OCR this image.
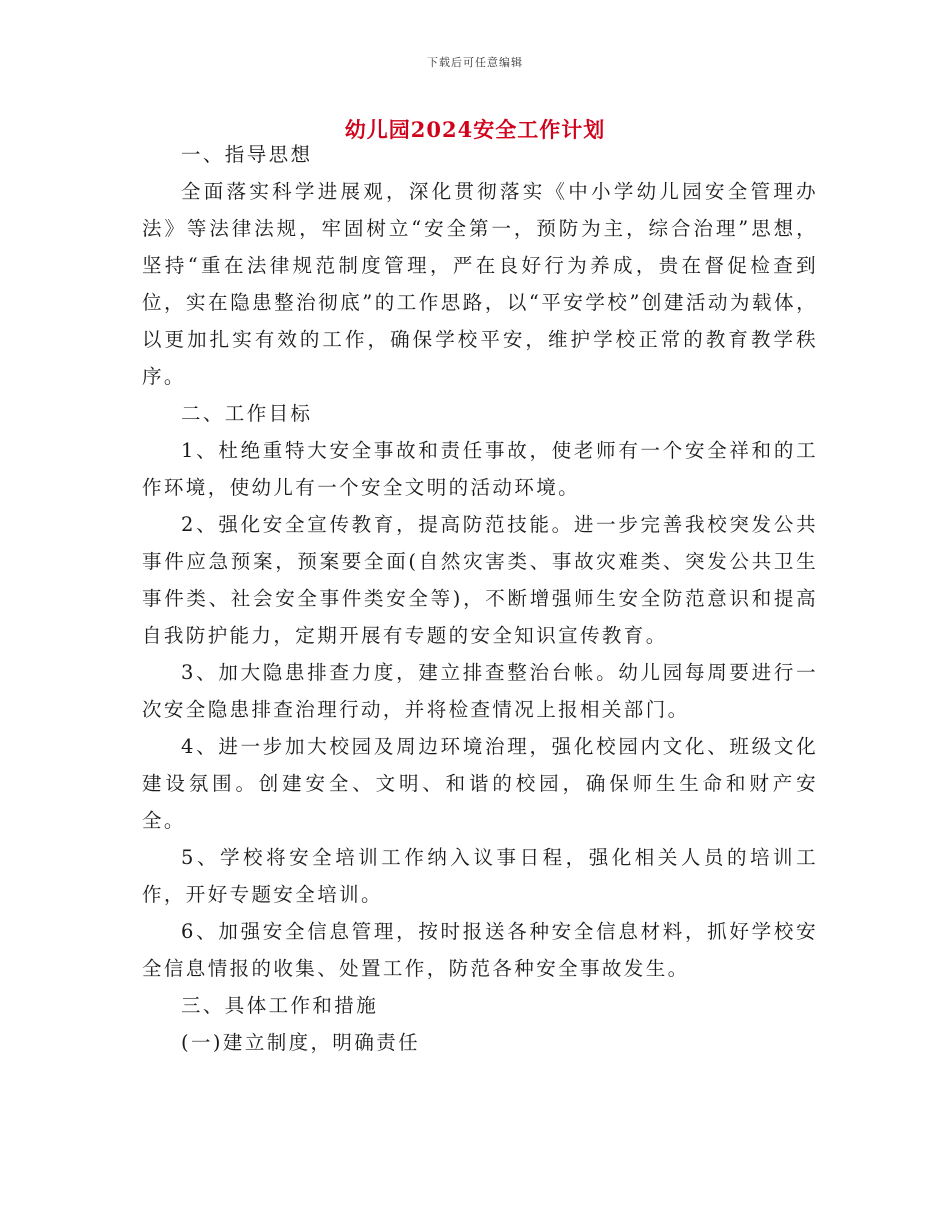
下载后可任意编辑
幼儿园2024安全工作计划

一、指导思想

全面落实科学进展观，深化贯彻落实《中小学幼儿园安全管理办法》等法律法规，牢固树立“安全第一，预防为主，综合治理”思想，坚持“重在法律规范制度管理，严在良好行为养成，贵在督促检查到位，实在隐患整治彻底”的工作思路，以“平安学校”创建活动为载体，以更加扎实有效的工作，确保学校平安，维护学校正常的教育教学秩序。

二、工作目标

1、杜绝重特大安全事故和责任事故，使老师有一个安全祥和的工作环境，使幼儿有一个安全文明的活动环境。

2、强化安全宣传教育，提高防范技能。进一步完善我校突发公共事件应急预案，预案要全面(自然灾害类、事故灾难类、突发公共卫生事件类、社会安全事件类安全等)，不断增强师生安全防范意识和提高自我防护能力，定期开展有专题的安全知识宣传教育。

3、加大隐患排查力度，建立排查整治台帐。幼儿园每周要进行一次安全隐患排查治理行动，并将检查情况上报相关部门。

4、进一步加大校园及周边环境治理，强化校园内文化、班级文化建设氛围。创建安全、文明、和谐的校园，确保师生生命和财产安全。

5、学校将安全培训工作纳入议事日程，强化相关人员的培训工作，开好专题安全培训。

6、加强安全信息管理，按时报送各种安全信息材料，抓好学校安全信息情报的收集、处置工作，防范各种安全事故发生。

三、具体工作和措施

(一)建立制度，明确责任
